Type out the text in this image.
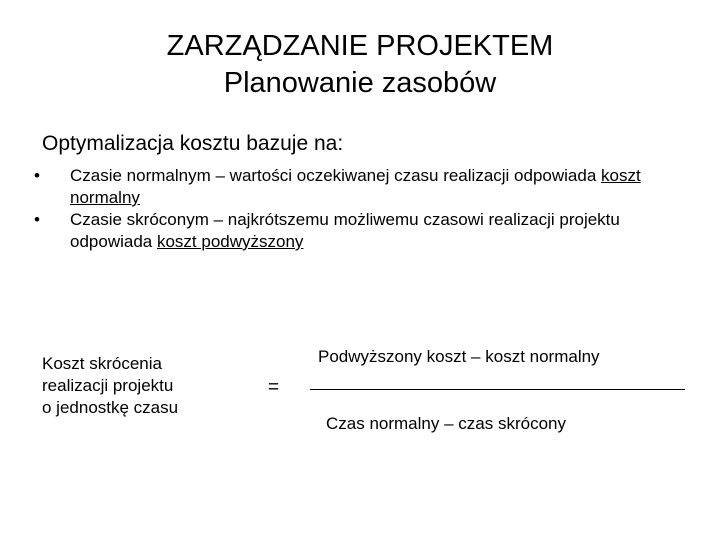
ZARZĄDZANIE PROJEKTEM
Planowanie zasobów
Optymalizacja kosztu bazuje na:
• Czasie normalnym – wartości oczekiwanej czasu realizacji odpowiada koszt normalny
• Czasie skróconym – najkrótszemu możliwemu czasowi realizacji projektu odpowiada koszt podwyższony
Koszt skrócenia
realizacji projektu
o jednostkę czasu
=
Podwyższony koszt – koszt normalny
Czas normalny – czas skrócony
